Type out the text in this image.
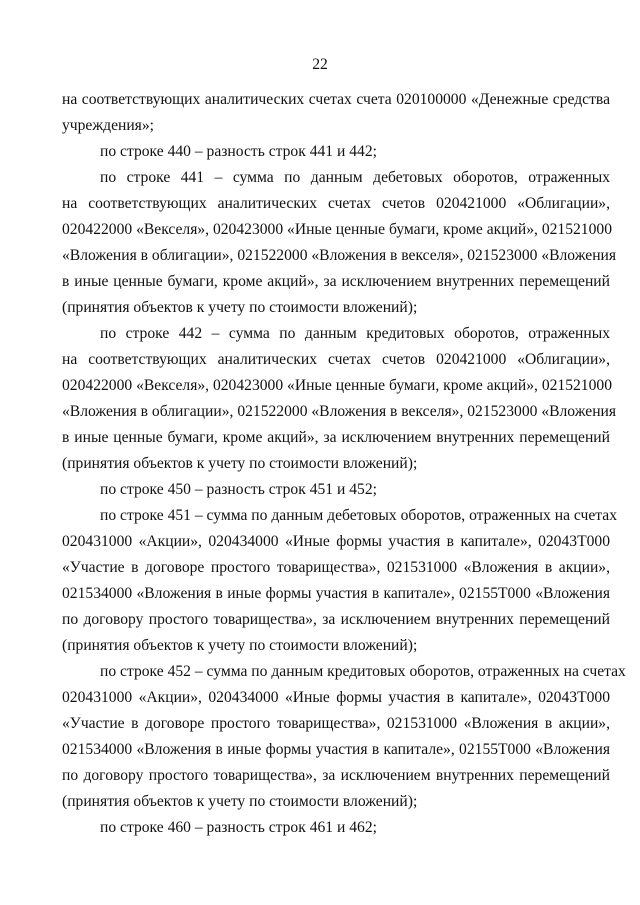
22
на соответствующих аналитических счетах счета 020100000 «Денежные средства
учреждения»;
по строке 440 – разность строк 441 и 442;
по строке 441 – сумма по данным дебетовых оборотов, отраженных
на соответствующих аналитических счетах счетов 020421000 «Облигации»,
020422000 «Векселя», 020423000 «Иные ценные бумаги, кроме акций», 021521000
«Вложения в облигации», 021522000 «Вложения в векселя», 021523000 «Вложения
в иные ценные бумаги, кроме акций», за исключением внутренних перемещений
(принятия объектов к учету по стоимости вложений);
по строке 442 – сумма по данным кредитовых оборотов, отраженных
на соответствующих аналитических счетах счетов 020421000 «Облигации»,
020422000 «Векселя», 020423000 «Иные ценные бумаги, кроме акций», 021521000
«Вложения в облигации», 021522000 «Вложения в векселя», 021523000 «Вложения
в иные ценные бумаги, кроме акций», за исключением внутренних перемещений
(принятия объектов к учету по стоимости вложений);
по строке 450 – разность строк 451 и 452;
по строке 451 – сумма по данным дебетовых оборотов, отраженных на счетах
020431000 «Акции», 020434000 «Иные формы участия в капитале», 02043Т000
«Участие в договоре простого товарищества», 021531000 «Вложения в акции»,
021534000 «Вложения в иные формы участия в капитале», 02155Т000 «Вложения
по договору простого товарищества», за исключением внутренних перемещений
(принятия объектов к учету по стоимости вложений);
по строке 452 – сумма по данным кредитовых оборотов, отраженных на счетах
020431000 «Акции», 020434000 «Иные формы участия в капитале», 02043Т000
«Участие в договоре простого товарищества», 021531000 «Вложения в акции»,
021534000 «Вложения в иные формы участия в капитале», 02155Т000 «Вложения
по договору простого товарищества», за исключением внутренних перемещений
(принятия объектов к учету по стоимости вложений);
по строке 460 – разность строк 461 и 462;
